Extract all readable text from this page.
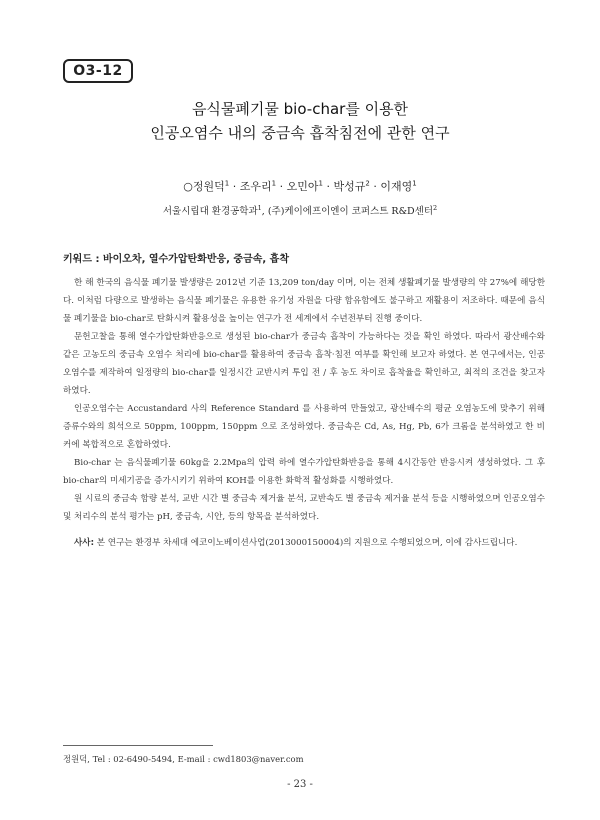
O3-12
음식물폐기물 bio-char를 이용한
인공오염수 내의 중금속 흡착침전에 관한 연구
○정원덕$^1$ · 조우리$^1$ · 오민아$^1$ · 박성규$^2$ · 이재영$^1$
서울시립대 환경공학과$^1$, (주)케이에프이엔이 코퍼스트 R&D센터$^2$
키워드 : 바이오차, 열수가압탄화반응, 중금속, 흡착

한 해 한국의 음식물 폐기물 발생량은 2012년 기준 13,209 ton/day 이며, 이는 전체 생활폐기물 발생량의 약 27%에 해당한다. 이처럼 다량으로 발생하는 음식물 폐기물은 유용한 유기성 자원을 다량 함유함에도 불구하고 재활용이 저조하다. 때문에 음식물 폐기물을 bio-char로 탄화시켜 활용성을 높이는 연구가 전 세계에서 수년전부터 진행 중이다.

문헌고찰을 통해 열수가압탄화반응으로 생성된 bio-char가 중금속 흡착이 가능하다는 것을 확인 하였다. 따라서 광산배수와 같은 고농도의 중금속 오염수 처리에 bio-char를 활용하여 중금속 흡착·침전 여부를 확인해 보고자 하였다. 본 연구에서는, 인공오염수를 제작하여 일정량의 bio-char를 일정시간 교반시켜 투입 전 / 후 농도 차이로 흡착율을 확인하고, 최적의 조건을 찾고자 하였다.

인공오염수는 Accustandard 사의 Reference Standard 를 사용하여 만들었고, 광산배수의 평균 오염농도에 맞추기 위해 증류수와의 희석으로 50ppm, 100ppm, 150ppm 으로 조성하였다. 중금속은 Cd, As, Hg, Pb, 6가 크롬을 분석하였고 한 비커에 복합적으로 혼합하였다.

Bio-char 는 음식물폐기물 60kg을 2.2Mpa의 압력 하에 열수가압탄화반응을 통해 4시간동안 반응시켜 생성하였다. 그 후 bio-char의 미세기공을 증가시키기 위하여 KOH를 이용한 화학적 활성화를 시행하였다.

원 시료의 중금속 함량 분석, 교반 시간 별 중금속 제거율 분석, 교반속도 별 중금속 제거율 분석 등을 시행하였으며 인공오염수 및 처리수의 분석 평가는 pH, 중금속, 시안, 등의 항목을 분석하였다.

사사: 본 연구는 환경부 차세대 에코이노베이션사업(2013000150004)의 지원으로 수행되었으며, 이에 감사드립니다.

정원덕, Tel : 02-6490-5494, E-mail : cwd1803@naver.com
- 23 -
